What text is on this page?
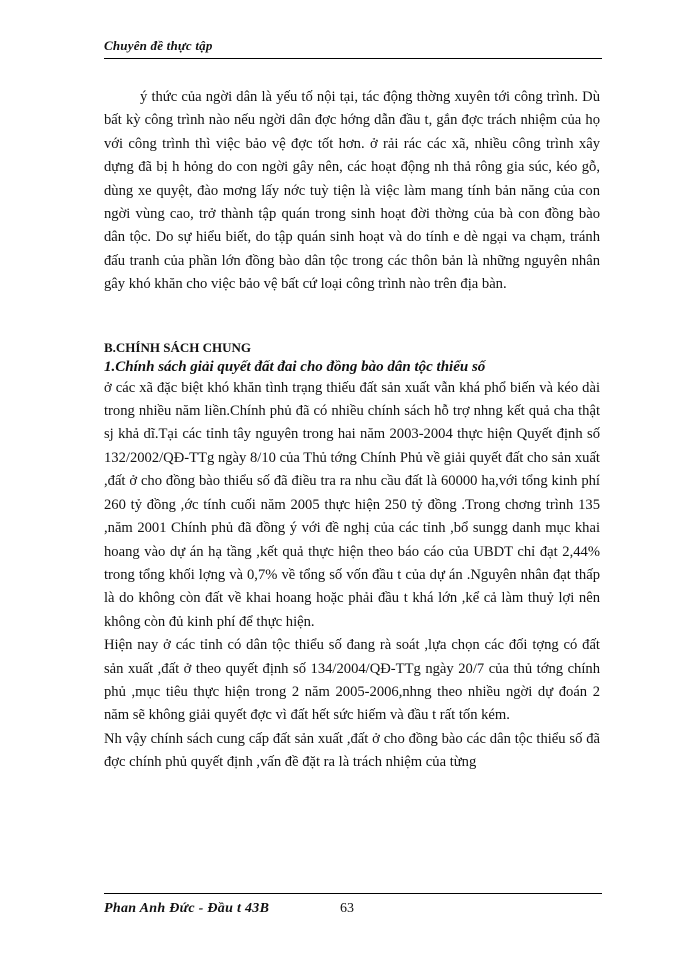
Chuyên đề thực tập

ý thức của ngời dân là yếu tố nội tại, tác động thờng xuyên tới công trình. Dù bất kỳ công trình nào nếu ngời dân đợc hớng dẫn đầu t, gắn đợc trách nhiệm của họ với công trình thì việc bảo vệ đợc tốt hơn. ở rải rác các xã, nhiều công trình xây dựng đã bị h hỏng do con ngời gây nên, các hoạt động nh thả rông gia súc, kéo gỗ, dùng xe quyệt, đào mơng lấy nớc tuỳ tiện là việc làm mang tính bản năng của con ngời vùng cao, trở thành tập quán trong sinh hoạt đời thờng của bà con đồng bào dân tộc. Do sự hiểu biết, do tập quán sinh hoạt và do tính e dè ngại va chạm, tránh đấu tranh của phần lớn đồng bào dân tộc trong các thôn bản là những nguyên nhân gây khó khăn cho việc bảo vệ bất cứ loại công trình nào trên địa bàn.

B.CHÍNH SÁCH CHUNG

1.Chính sách giải quyết đất đai cho đồng bào dân tộc thiểu số

ở các xã đặc biệt khó khăn tình trạng thiếu đất sản xuất vẫn khá phổ biến và kéo dài trong nhiều năm liền.Chính phủ đã có nhiều chính sách hỗ trợ nhng kết quả cha thật sj khả dĩ.Tại các tỉnh tây nguyên trong hai năm 2003-2004 thực hiện Quyết định số 132/2002/QĐ-TTg ngày 8/10 của Thủ tớng Chính Phủ về giải quyết đất cho sản xuất ,đất ở cho đồng bào thiểu số đã điều tra ra nhu cầu đất là 60000 ha,với tổng kinh phí 260 tỷ đồng ,ớc tính cuối năm 2005 thực hiện 250 tỷ đồng .Trong chơng trình 135 ,năm 2001 Chính phủ đã đồng ý với đề nghị của các tỉnh ,bổ sungg danh mục khai hoang vào dự án hạ tầng ,kết quả thực hiện theo báo cáo của UBDT chỉ đạt 2,44% trong tổng khối lợng và 0,7% về tổng số vốn đầu t của dự án .Nguyên nhân đạt thấp là do không còn đất về khai hoang hoặc phải đầu t khá lớn ,kể cả làm thuỷ lợi nên không còn đủ kinh phí để thực hiện.

Hiện nay ở các tỉnh có dân tộc thiểu số đang rà soát ,lựa chọn các đối tợng có đất sản xuất ,đất ở theo quyết định số 134/2004/QĐ-TTg ngày 20/7 của thủ tớng chính phủ ,mục tiêu thực hiện trong 2 năm 2005-2006,nhng theo nhiều ngời dự đoán 2 năm sẽ không giải quyết đợc vì đất hết sức hiếm và đầu t rất tốn kém.

Nh vậy chính sách cung cấp đất sản xuất ,đất ở cho đồng bào các dân tộc thiểu số đã đợc chính phủ quyết định ,vấn đề đặt ra là trách nhiệm của từng

Phan Anh Đức - Đầu t 43B	63
